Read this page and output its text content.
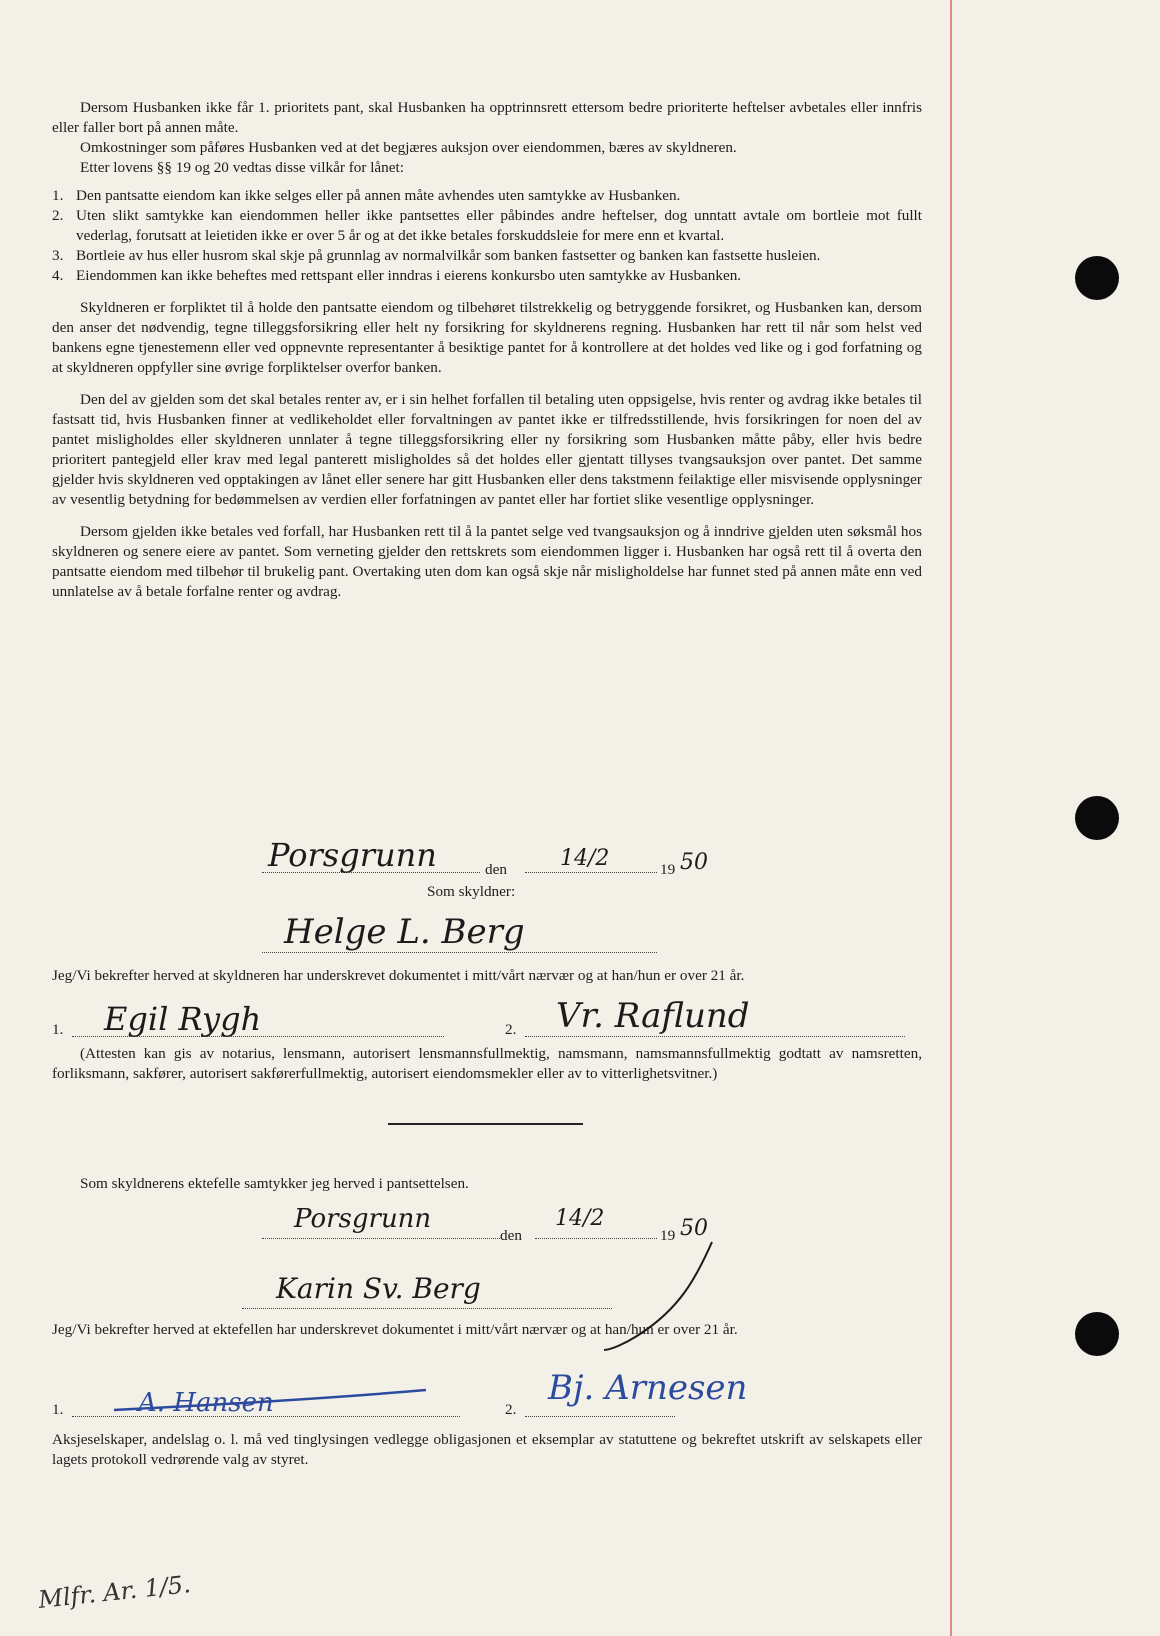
Dersom Husbanken ikke får 1. prioritets pant, skal Husbanken ha opptrinnsrett ettersom bedre prioriterte heftelser avbetales eller innfris eller faller bort på annen måte.

Omkostninger som påføres Husbanken ved at det begjæres auksjon over eiendommen, bæres av skyldneren.

Etter lovens §§ 19 og 20 vedtas disse vilkår for lånet:

1. Den pantsatte eiendom kan ikke selges eller på annen måte avhendes uten samtykke av Husbanken.
2. Uten slikt samtykke kan eiendommen heller ikke pantsettes eller påbindes andre heftelser, dog unntatt avtale om bortleie mot fullt vederlag, forutsatt at leietiden ikke er over 5 år og at det ikke betales forskuddsleie for mere enn et kvartal.
3. Bortleie av hus eller husrom skal skje på grunnlag av normalvilkår som banken fastsetter og banken kan fastsette husleien.
4. Eiendommen kan ikke beheftes med rettspant eller inndras i eierens konkursbo uten samtykke av Husbanken.

Skyldneren er forpliktet til å holde den pantsatte eiendom og tilbehøret tilstrekkelig og betryggende forsikret, og Husbanken kan, dersom den anser det nødvendig, tegne tilleggsforsikring eller helt ny forsikring for skyldnerens regning. Husbanken har rett til når som helst ved bankens egne tjenestemenn eller ved oppnevnte representanter å besiktige pantet for å kontrollere at det holdes ved like og i god forfatning og at skyldneren oppfyller sine øvrige forpliktelser overfor banken.

Den del av gjelden som det skal betales renter av, er i sin helhet forfallen til betaling uten oppsigelse, hvis renter og avdrag ikke betales til fastsatt tid, hvis Husbanken finner at vedlikeholdet eller forvaltningen av pantet ikke er tilfredsstillende, hvis forsikringen for noen del av pantet misligholdes eller skyldneren unnlater å tegne tilleggsforsikring eller ny forsikring som Husbanken måtte påby, eller hvis bedre prioritert pantegjeld eller krav med legal panterett misligholdes så det holdes eller gjentatt tillyses tvangsauksjon over pantet. Det samme gjelder hvis skyldneren ved opptakingen av lånet eller senere har gitt Husbanken eller dens takstmenn feilaktige eller misvisende opplysninger av vesentlig betydning for bedømmelsen av verdien eller forfatningen av pantet eller har fortiet slike vesentlige opplysninger.

Dersom gjelden ikke betales ved forfall, har Husbanken rett til å la pantet selge ved tvangsauksjon og å inndrive gjelden uten søksmål hos skyldneren og senere eiere av pantet. Som verneting gjelder den rettskrets som eiendommen ligger i. Husbanken har også rett til å overta den pantsatte eiendom med tilbehør til brukelig pant. Overtaking uten dom kan også skje når misligholdelse har funnet sted på annen måte enn ved unnlatelse av å betale forfalne renter og avdrag.

Porsgrunn	den 14/2	19 50
Som skyldner:
Helge L. Berg
Jeg/Vi bekrefter herved at skyldneren har underskrevet dokumentet i mitt/vårt nærvær og at han/hun er over 21 år.
1. Egil Rygh	2. Vr. Raflund

(Attesten kan gis av notarius, lensmann, autorisert lensmannsfullmektig, namsmann, namsmannsfullmektig godtatt av namsretten, forliksmann, sakfører, autorisert sakførerfullmektig, autorisert eiendomsmekler eller av to vitterlighetsvitner.)

Som skyldnerens ektefelle samtykker jeg herved i pantsettelsen.
Porsgrunn
den
14/2
19 50
Karin Sv. Berg
Jeg/Vi bekrefter herved at ektefellen har underskrevet dokumentet i mitt/vårt nærvær og at han/hun er over 21 år.
1.	A. Hansen	2.
Bj. Arnesen

Aksjeselskaper, andelslag o. l. må ved tinglysingen vedlegge obligasjonen et eksemplar av statuttene og bekreftet utskrift av selskapets eller lagets protokoll vedrørende valg av styret.

Mlfr. Ar. 1/5.
